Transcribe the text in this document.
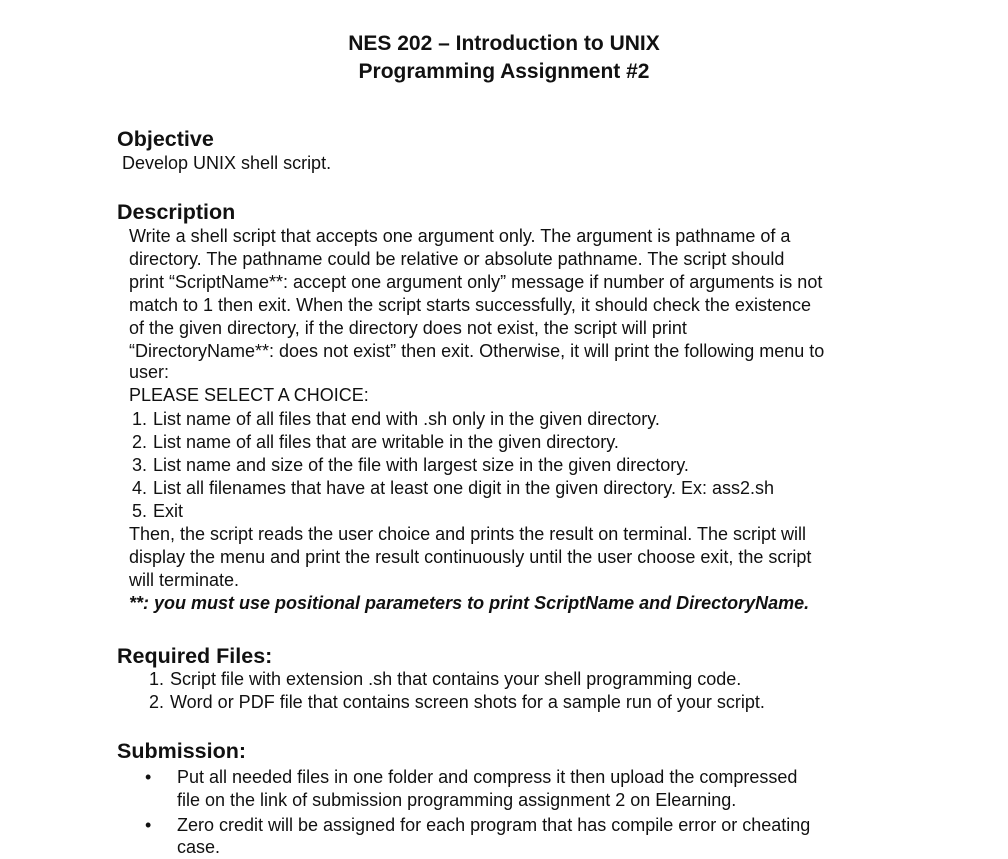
NES 202 – Introduction to UNIX
Programming Assignment #2
Objective
Develop UNIX shell script.
Description
Write a shell script that accepts one argument only. The argument is pathname of a
directory. The pathname could be relative or absolute pathname. The script should
print “ScriptName**: accept one argument only” message if number of arguments is not
match to 1 then exit. When the script starts successfully, it should check the existence
of the given directory, if the directory does not exist, the script will print
“DirectoryName**: does not exist” then exit. Otherwise, it will print the following menu to
user:
PLEASE SELECT A CHOICE:
1. List name of all files that end with .sh only in the given directory.
2. List name of all files that are writable in the given directory.
3. List name and size of the file with largest size in the given directory.
4. List all filenames that have at least one digit in the given directory. Ex: ass2.sh
5. Exit
Then, the script reads the user choice and prints the result on terminal. The script will
display the menu and print the result continuously until the user choose exit, the script
will terminate.
**: you must use positional parameters to print ScriptName and DirectoryName.
Required Files:
1. Script file with extension .sh that contains your shell programming code.
2. Word or PDF file that contains screen shots for a sample run of your script.
Submission:
• Put all needed files in one folder and compress it then upload the compressed
file on the link of submission programming assignment 2 on Elearning.
• Zero credit will be assigned for each program that has compile error or cheating
case.
